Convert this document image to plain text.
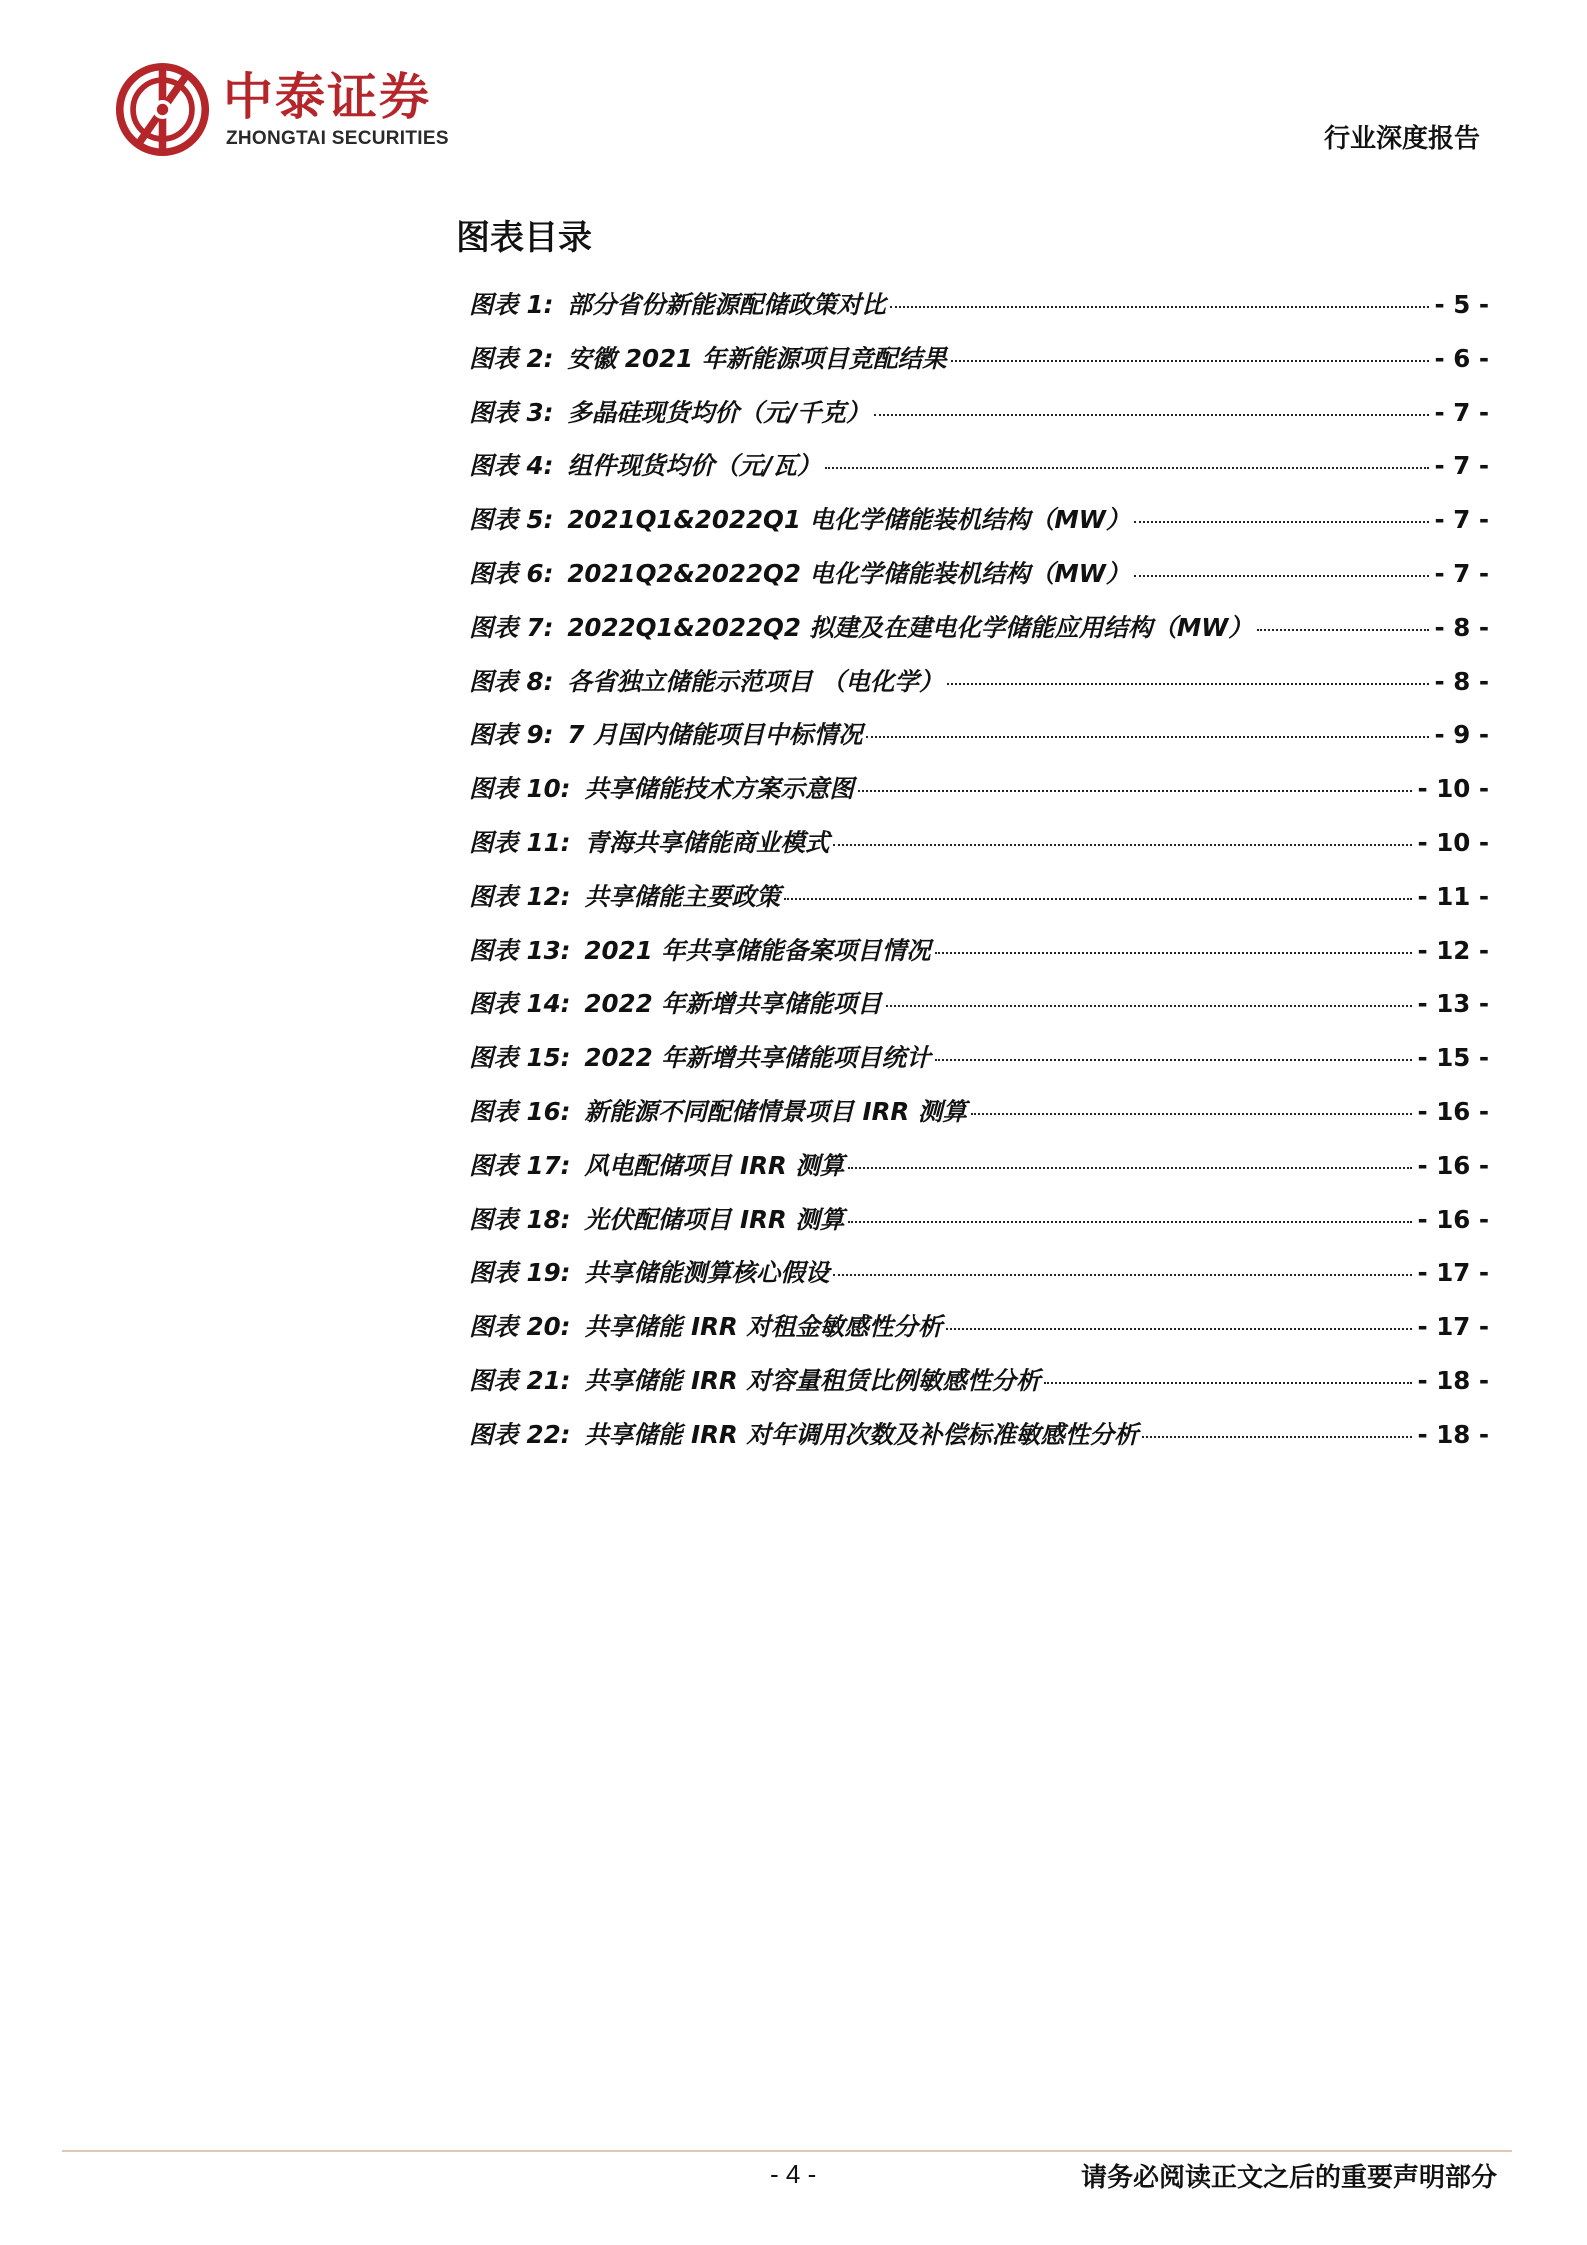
中泰证券
ZHONGTAI SECURITIES	行业深度报告
图表目录
图表 1: 部分省份新能源配储政策对比	- 5 -
图表 2: 安徽 2021 年新能源项目竞配结果	- 6 -
图表 3: 多晶硅现货均价（元/千克）	- 7 -
图表 4: 组件现货均价（元/瓦）	- 7 -
图表 5: 2021Q1&2022Q1 电化学储能装机结构（MW）	- 7 -
图表 6: 2021Q2&2022Q2 电化学储能装机结构（MW）	- 7 -
图表 7: 2022Q1&2022Q2 拟建及在建电化学储能应用结构（MW）	- 8 -
图表 8: 各省独立储能示范项目 （电化学）	- 8 -
图表 9: 7 月国内储能项目中标情况	- 9 -
图表 10: 共享储能技术方案示意图	- 10 -
图表 11: 青海共享储能商业模式	- 10 -
图表 12: 共享储能主要政策	- 11 -
图表 13: 2021 年共享储能备案项目情况	- 12 -
图表 14: 2022 年新增共享储能项目	- 13 -
图表 15: 2022 年新增共享储能项目统计	- 15 -
图表 16: 新能源不同配储情景项目 IRR 测算	- 16 -
图表 17: 风电配储项目 IRR 测算	- 16 -
图表 18: 光伏配储项目 IRR 测算	- 16 -
图表 19: 共享储能测算核心假设	- 17 -
图表 20: 共享储能 IRR 对租金敏感性分析	- 17 -
图表 21: 共享储能 IRR 对容量租赁比例敏感性分析	- 18 -
图表 22: 共享储能 IRR 对年调用次数及补偿标准敏感性分析	- 18 -
- 4 -	请务必阅读正文之后的重要声明部分
